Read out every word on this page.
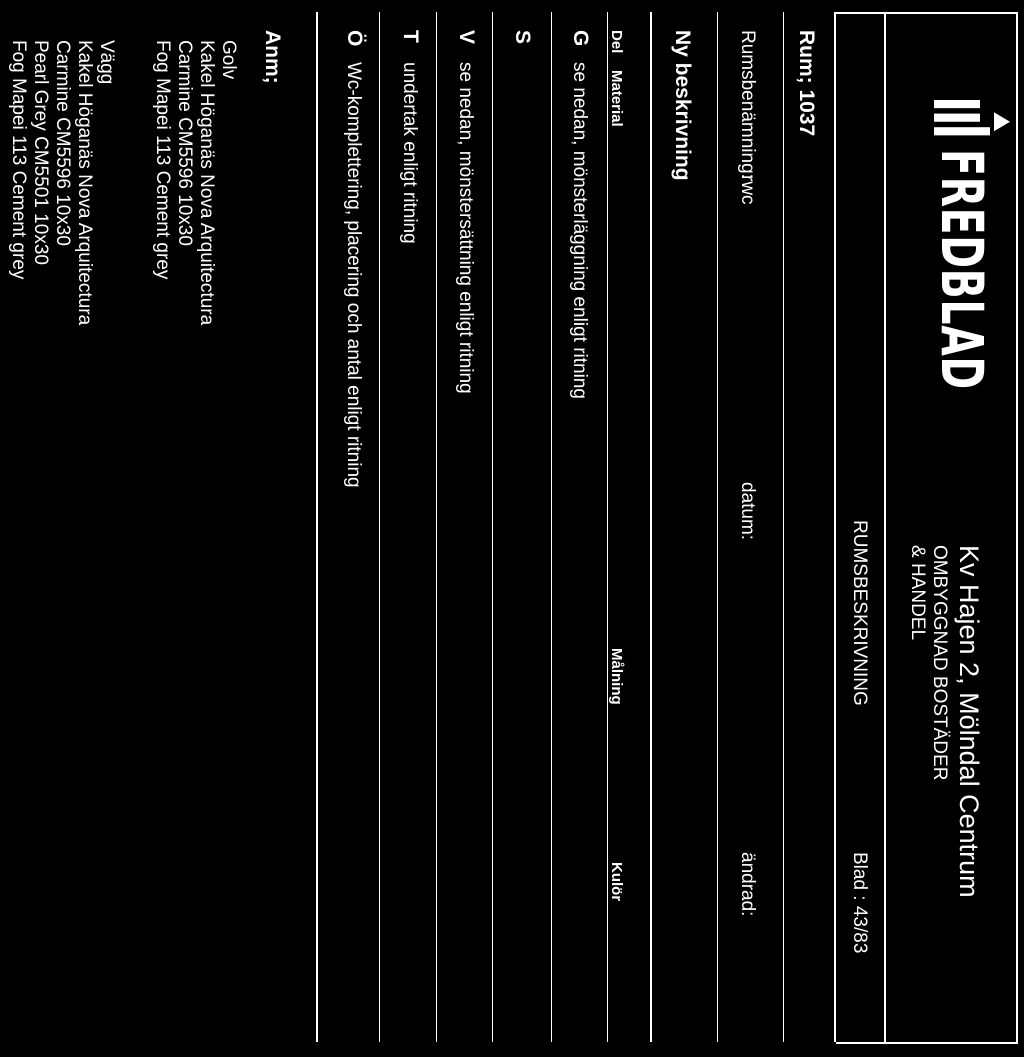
FREDBLAD
Kv Hajen 2, Mölndal Centrum
OMBYGGNAD BOSTÄDER
& HANDEL
RUMSBESKRIVNING
Blad : 43/83
Rum; 1037
Rumsbenämning:
rwc
datum:
ändrad:
Ny beskrivning
Del
Material
Målning
Kulör
G
se nedan, mönsterläggning enligt ritning
S
V
se nedan, mönstersättning enligt ritning
T
undertak enligt ritning
Ö
Wc-komplettering, placering och antal enligt ritning
Anm;
Golv
Kakel Höganäs Nova Arquitectura
Carmine CM5596 10x30
Fog Mapei 113 Cement grey
Vägg
Kakel Höganäs Nova Arquitectura
Carmine CM5596 10x30
Pearl Grey CM5501 10x30
Fog Mapei 113 Cement grey
